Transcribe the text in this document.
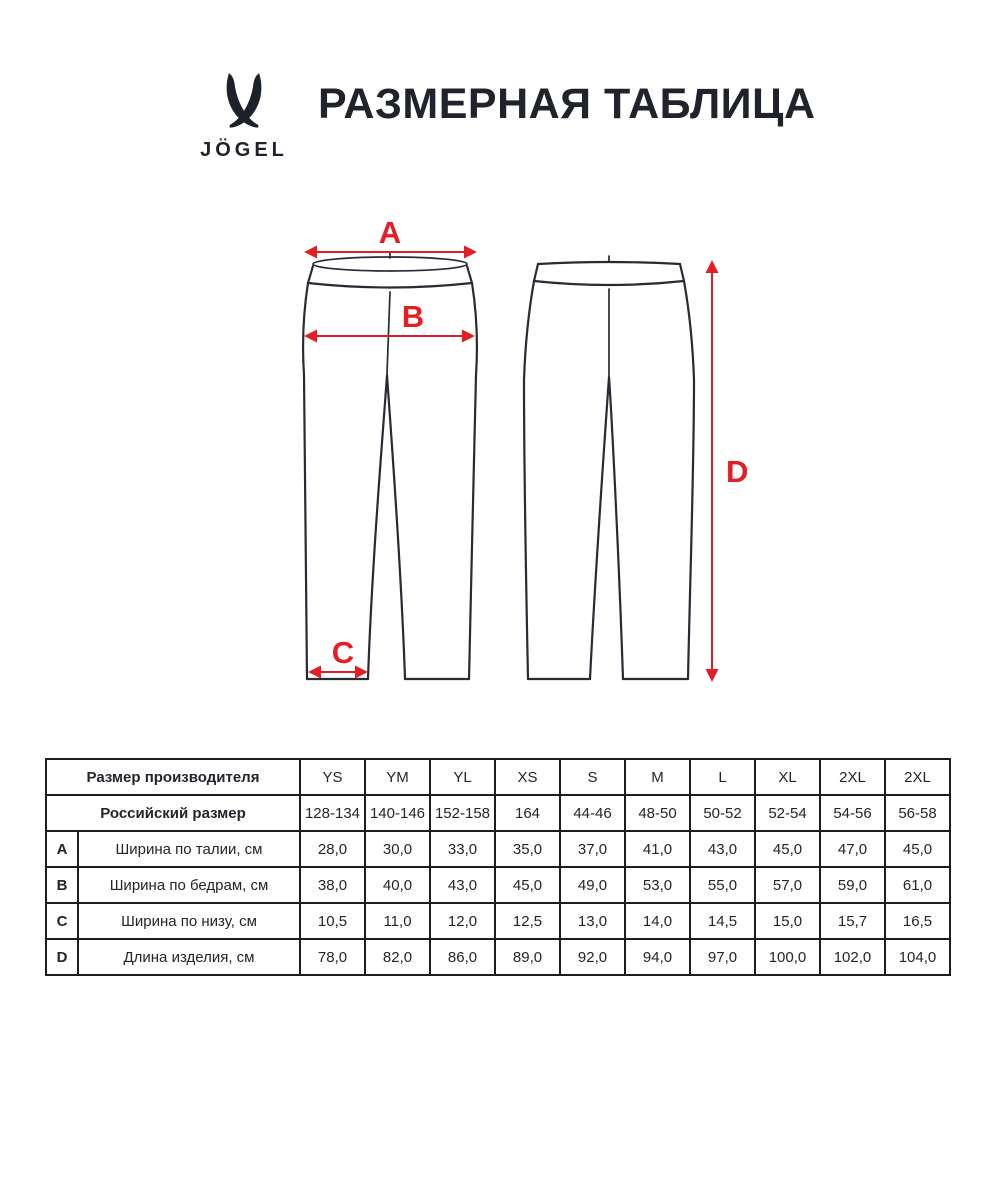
JÖGEL
РАЗМЕРНАЯ ТАБЛИЦА
A
B
C
D
Размер производителя		YS	YM	YL	XS	S	M	L	XL	2XL	2XL
Российский размер		128-134	140-146	152-158	164	44-46	48-50	50-52	52-54	54-56	56-58
A	Ширина по талии, см	28,0	30,0	33,0	35,0	37,0	41,0	43,0	45,0	47,0	45,0
B	Ширина по бедрам, см	38,0	40,0	43,0	45,0	49,0	53,0	55,0	57,0	59,0	61,0
C	Ширина по низу, см	10,5	11,0	12,0	12,5	13,0	14,0	14,5	15,0	15,7	16,5
D	Длина изделия, см	78,0	82,0	86,0	89,0	92,0	94,0	97,0	100,0	102,0	104,0
